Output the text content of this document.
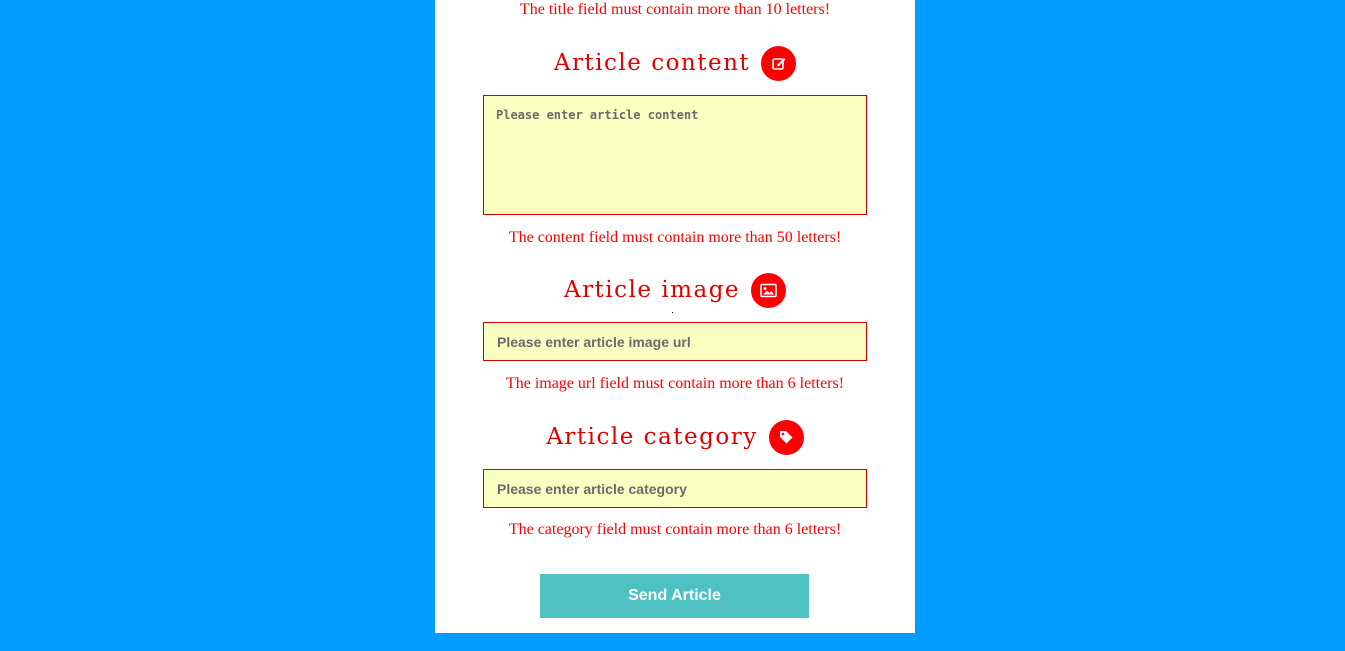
The title field must contain more than 10 letters!
Article content
Please enter article content
The content field must contain more than 50 letters!
Article image
Please enter article image url
The image url field must contain more than 6 letters!
Article category
Please enter article category
The category field must contain more than 6 letters!
Send Article
